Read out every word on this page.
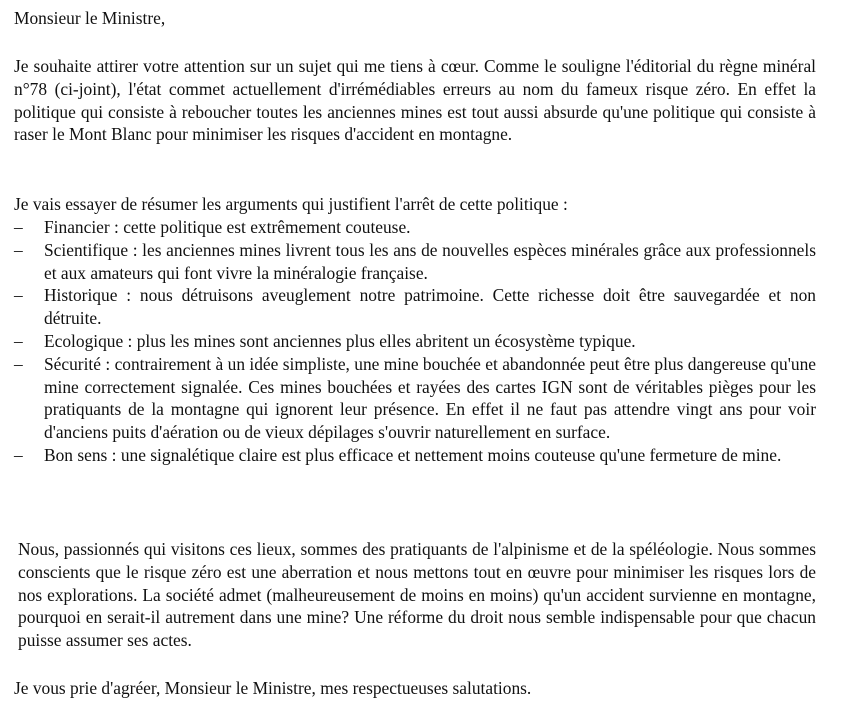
Monsieur le Ministre,

Je souhaite attirer votre attention sur un sujet qui me tiens à cœur. Comme le souligne l'éditorial du règne minéral n°78 (ci-joint), l'état commet actuellement d'irrémédiables erreurs au nom du fameux risque zéro. En effet la politique qui consiste à reboucher toutes les anciennes mines est tout aussi absurde qu'une politique qui consiste à raser le Mont Blanc pour minimiser les risques d'accident en montagne.

Je vais essayer de résumer les arguments qui justifient l'arrêt de cette politique :

– Financier : cette politique est extrêmement couteuse.
– Scientifique : les anciennes mines livrent tous les ans de nouvelles espèces minérales grâce aux professionnels et aux amateurs qui font vivre la minéralogie française.
– Historique : nous détruisons aveuglement notre patrimoine. Cette richesse doit être sauvegardée et non détruite.
– Ecologique : plus les mines sont anciennes plus elles abritent un écosystème typique.
– Sécurité : contrairement à un idée simpliste, une mine bouchée et abandonnée peut être plus dangereuse qu'une mine correctement signalée. Ces mines bouchées et rayées des cartes IGN sont de véritables pièges pour les pratiquants de la montagne qui ignorent leur présence. En effet il ne faut pas attendre vingt ans pour voir d'anciens puits d'aération ou de vieux dépilages s'ouvrir naturellement en surface.
– Bon sens : une signalétique claire est plus efficace et nettement moins couteuse qu'une fermeture de mine.

Nous, passionnés qui visitons ces lieux, sommes des pratiquants de l'alpinisme et de la spéléologie. Nous sommes conscients que le risque zéro est une aberration et nous mettons tout en œuvre pour minimiser les risques lors de nos explorations. La société admet (malheureusement de moins en moins) qu'un accident survienne en montagne, pourquoi en serait-il autrement dans une mine? Une réforme du droit nous semble indispensable pour que chacun puisse assumer ses actes.

Je vous prie d'agréer, Monsieur le Ministre, mes respectueuses salutations.
